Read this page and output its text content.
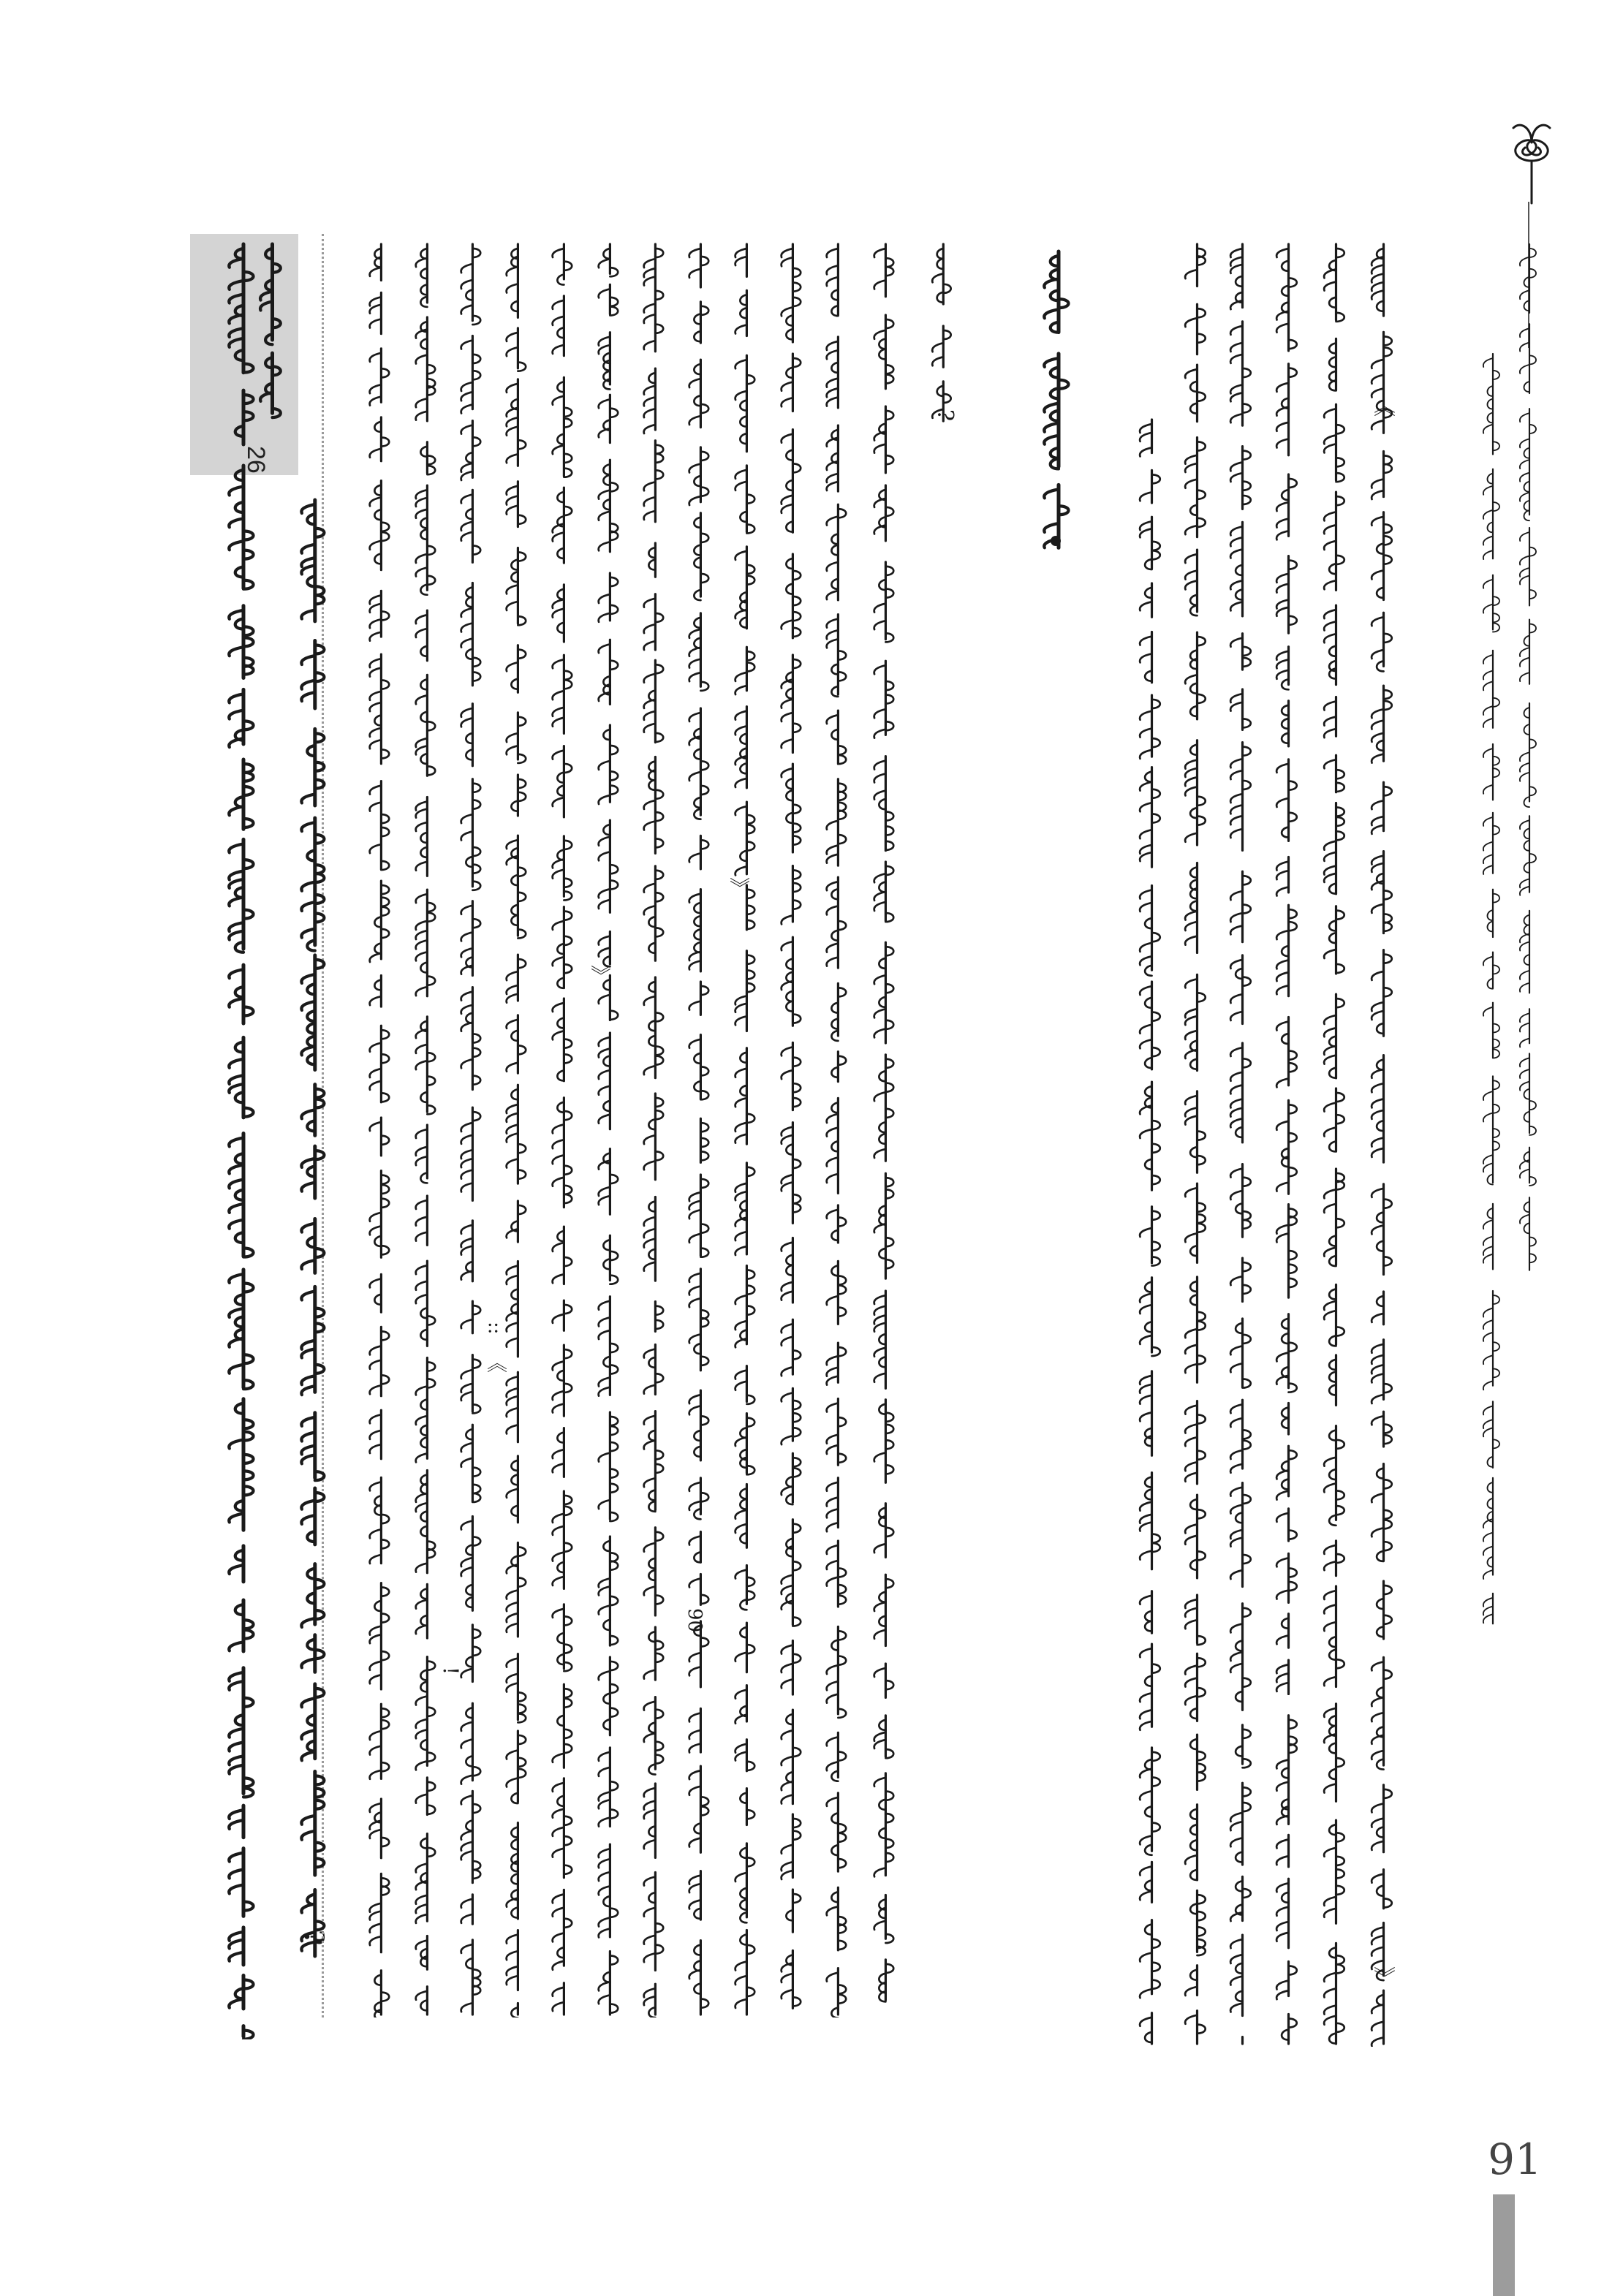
《
》
《
》
》
::
!
?
?
90
26
91
